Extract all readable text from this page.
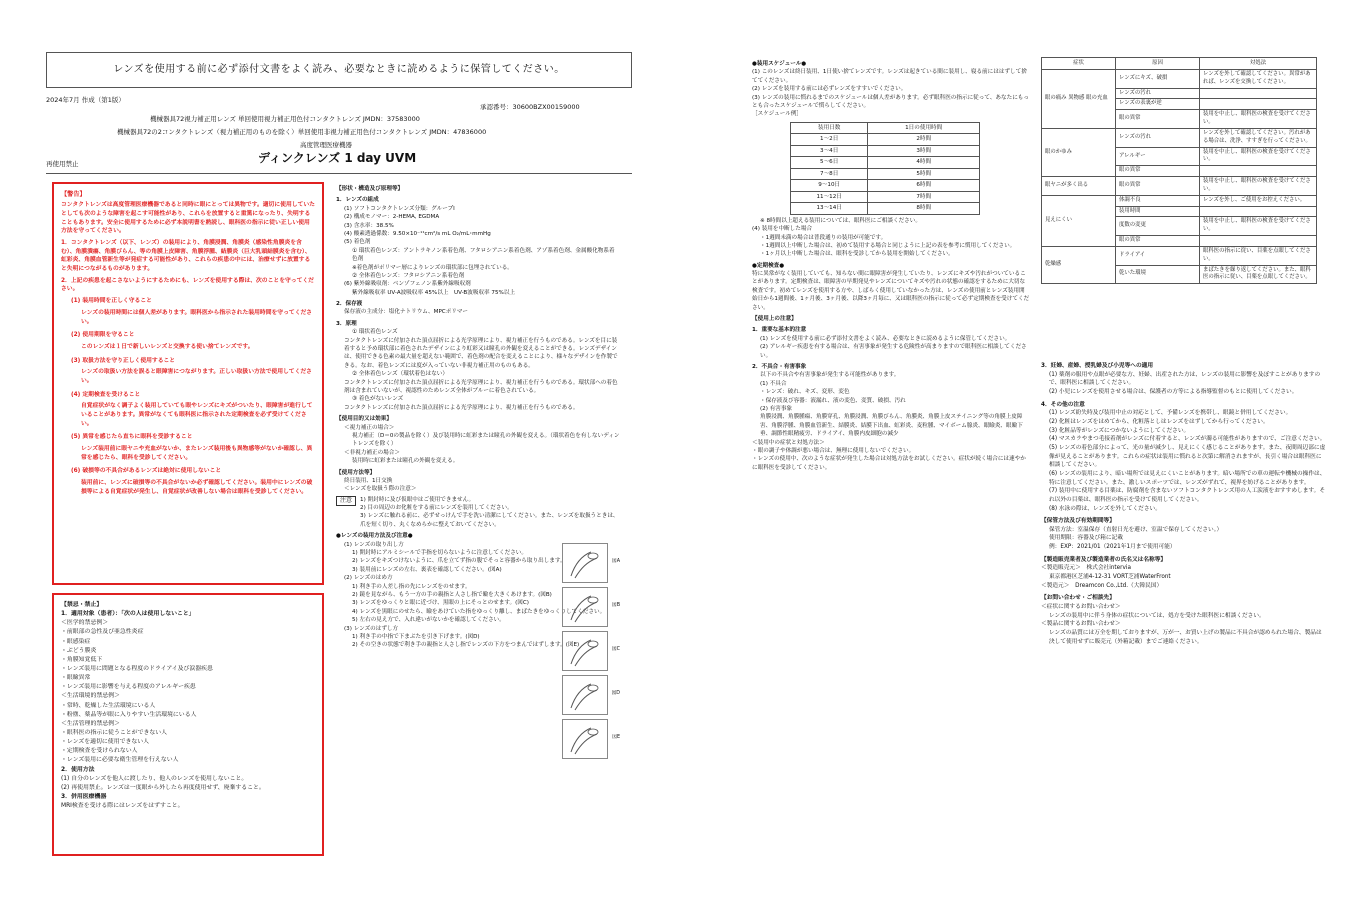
レンズを使用する前に必ず添付文書をよく読み、必要なときに読めるように保管してください。
2024年7月 作成（第1版）
承認番号：30600BZX00159000
機械器具72視力補正用レンズ 単回使用視力補正用色付コンタクトレンズ JMDN：37583000
機械器具72の2コンタクトレンズ（視力補正用のものを除く）単回使用非視力補正用色付コンタクトレンズ JMDN：47836000
高度管理医療機器
再使用禁止	ディンクレンズ 1 day UVM

【警告】

コンタクトレンズは高度管理医療機器であると同時に眼にとっては異物です。適切に使用していたとしても次のような障害を起こす可能性があり、これらを放置すると重篤になったり、失明することもあります。安全に使用するために必ず本説明書を熟読し、眼科医の指示に従い正しい使用方法を守ってください。

1．コンタクトレンズ（以下、レンズ）の装用により、角膜浸潤、角膜炎（感染性角膜炎を含む）、角膜潰瘍、角膜びらん、等の角膜上皮障害、角膜浮腫、結膜炎（巨大乳頭結膜炎を含む）、虹彩炎、角膜血管新生等が発症する可能性があり、これらの疾患の中には、治療せずに放置すると失明につながるものがあります。

2．上記の疾患を起こさないようにするためにも、レンズを使用する際は、次のことを守ってください。

(1) 装用時間を正しく守ること

レンズの装用時間には個人差があります。眼科医から指示された装用時間を守ってください。

(2) 使用期限を守ること

このレンズは１日で新しいレンズと交換する使い捨てレンズです。

(3) 取扱方法を守り正しく使用すること

レンズの取扱い方法を誤ると眼障害につながります。正しい取扱い方法で使用してください。

(4) 定期検査を受けること

自覚症状がなく調子よく装用していても眼やレンズにキズがついたり、眼障害が進行していることがあります。異常がなくても眼科医に指示された定期検査を必ず受けてください。

(5) 異常を感じたら直ちに眼科を受診すること

レンズ装用前に眼ヤニや充血がないか、またレンズ装用後も異物感等がないか確認し、異常を感じたら、眼科を受診してください。

(6) 破損等の不具合があるレンズは絶対に使用しないこと

装用前に、レンズに破損等の不具合がないか必ず確認してください。装用中にレンズの破損等による自覚症状が発生し、自覚症状が改善しない場合は眼科を受診してください。

【禁忌・禁止】

1．適用対象（患者）：「次の人は使用しないこと」

＜医学的禁忌例＞

・前眼部の急性及び亜急性炎症

・眼感染症

・ぶどう膜炎

・角膜知覚低下

・レンズ装用に問題となる程度のドライアイ及び涙器疾患

・眼瞼異常

・レンズ装用に影響を与える程度のアレルギー疾患

＜生活環境的禁忌例＞

・常時、乾燥した生活環境にいる人

・粉塵、薬品等が眼に入りやすい生活環境にいる人

＜生活管理的禁忌例＞

・眼科医の指示に従うことができない人

・レンズを適切に使用できない人

・定期検査を受けられない人

・レンズ装用に必要な衛生管理を行えない人

2．使用方法

(1) 自分のレンズを他人に渡したり、他人のレンズを使用しないこと。

(2) 再使用禁止。レンズは一度眼から外したら再度使用せず、廃棄すること。

3．併用医療機器

MRI検査を受ける際にはレンズをはずすこと。

【形状・構造及び原理等】

1．レンズの組成

(1) ソフトコンタクトレンズ分類：グループⅠ

(2) 構成モノマー：2-HEMA, EGDMA

(3) 含水率：38.5%

(4) 酸素透過係数：9.50×10⁻¹¹cm²/s mL O₂/mL･mmHg

(5) 着色剤

① 環状着色レンズ：アントラキノン系着色剤、フタロシアニン系着色剤、アゾ系着色剤、金属酸化物系着色剤

※着色剤がポリマー層によりレンズの環状部に包埋されている。

② 全体着色レンズ：フタロシアニン系着色剤

(6) 紫外線吸収剤：ベンゾフェノン系紫外線吸収剤

紫外線吸収率 UV-A波吸収率 45%以上　UV-B波吸収率 75%以上

2．保存液

保存液の主成分：塩化ナトリウム、MPCポリマー

3．原理

① 環状着色レンズ

コンタクトレンズに付加された頂点屈折による光学原理により、視力補正を行うものである。レンズを目に装着すると予め環状部に着色されたデザインにより虹彩又は瞳孔の外観を変えることができる。レンズデザインは、使用できる色素の最大量を超えない範囲で、着色剤の配合を変えることにより、様々なデザインを作製できる。なお、着色レンズには度が入っていない非視力補正用のものもある。

② 全体着色レンズ（環状着色はない）

コンタクトレンズに付加された頂点屈折による光学原理により、視力補正を行うものである。環状部への着色剤は含まれていないが、視認性のためレンズ全体がブルーに着色されている。

③ 着色がないレンズ

コンタクトレンズに付加された頂点屈折による光学原理により、視力補正を行うものである。

【使用目的又は効果】

＜視力補正の場合＞

視力補正（D＝0の製品を除く）及び装用時に虹彩または瞳孔の外観を変える。（環状着色を有しないディントレンズを除く）

＜非視力補正の場合＞

装用時に虹彩または瞳孔の外観を変える。

【使用方法等】

終日装用、1日交換

＜レンズを取扱う際の注意＞

注意	1) 開封時に及び仮眼中はご使用できません。

2) 目の周辺のお化粧をする前にレンズを装用してください。

3) レンズに触れる前に、必ずせっけんで手を洗い清潔にしてください。また、レンズを取扱うときは、爪を短く切り、丸くなめらかに整えておいてください。

●レンズの装用方法及び注意●

(1) レンズの取り出し方

1) 開封時にアルミシールで手指を切らないように注意してください。

2) レンズをキズつけないように、爪を立てず指の腹でそっと容器から取り出します。

3) 装用前にレンズの左右、裏表を確認してください。(図A)

(2) レンズのはめ方

1) 利き手の人差し指の先にレンズをのせます。

2) 鏡を見ながら、もう一方の手の親指と人さし指で瞼を大きくあけます。(図B)

3) レンズをゆっくりと眼に近づけ、黒眼の上にそっとのせます。(図C)

4) レンズを黒眼にのせたら、瞼をあけていた指をゆっくり離し、まばたきをゆっくりしてください。

5) 左右の見え方で、入れ違いがないかを確認してください。

(3) レンズのはずし方

1) 利き手の中指で下まぶたを引き下げます。(図D)

2) その空きの状態で利き手の親指と人さし指でレンズの下方をつまんではずします。(図E)

図A
図B
図C
図D
図E

●装用スケジュール●

(1) このレンズは終日装用、1日使い捨てレンズです。レンズは起きている間に装用し、寝る前にははずして捨ててください。

(2) レンズを装用する前には必ずレンズをすすいでください。

(3) レンズの装用に慣れるまでのスケジュールは個人差があります。必ず眼科医の指示に従って、あなたにもっとも合ったスケジュールで慣らしてください。

［スケジュール例］

装用日数	1日の使用時間
1～2日	2時間
3～4日	3時間
5～6日	4時間
7～8日	5時間
9～10日	6時間
11～12日	7時間
13～14日	8時間

※ 8時間以上超える装用については、眼科医にご相談ください。

(4) 装用を中断した場合

・1週間未満の場合は普段通りの装用が可能です。

・1週間以上中断した場合は、初めて装用する場合と同じように上記の表を参考に慣用してください。

・1ヶ月以上中断した場合は、眼科を受診してから装用を開始してください。

●定期検査●

特に異常がなく装用していても、知らない間に眼障害が発生していたり、レンズにキズや汚れがついていることがあります。定期検査は、眼障害の早期発見やレンズについてキズや汚れの状態の確認をするために大切な検査です。初めてレンズを使用する方や、しばらく使用していなかった方は、レンズの使用前とレンズ装用開始日から1週間後、1ヶ月後、3ヶ月後、以降3ヶ月毎に、又は眼科医の指示に従って必ず定期検査を受けてください。

【使用上の注意】

1．重要な基本的注意

(1) レンズを使用する前に必ず添付文書をよく読み、必要なときに読めるように保管してください。

(2) アレルギー疾患を有する場合は、有害事象が発生する危険性が高まりますので眼科医に相談してください。

2．不具合・有害事象

以下の不具合や有害事象が発生する可能性があります。

(1) 不具合

・レンズ：破れ、キズ、変形、変色

・保存液及び容器：液漏れ、液の変色、変質、破損、汚れ

(2) 有害事象

角膜浸潤、角膜腫瘍、角膜穿孔、角膜浸潤、角膜びらん、角膜炎、角膜上皮ステイニング等の角膜上皮障害、角膜浮腫、角膜血管新生、結膜炎、結膜下出血、虹彩炎、麦粒腫、マイボーム腺炎、眼瞼炎、眼瞼下垂、調節性眼精疲労、ドライアイ、角膜内皮細胞の減少

＜装用中の症状と対処方法＞

・眼の調子や体調が悪い場合は、無理に使用しないでください。

・レンズの使用中、次のような症状が発生した場合は対処方法をお試しください。症状が続く場合には速やかに眼科医を受診してください。

症状	原因	対処法
眼の痛み 異物感 眼の充血	レンズにキズ、破損	レンズを外して確認してください。異常があれば、レンズを交換してください。
	レンズの汚れ	
	レンズの表裏が逆	
	眼の異常	装用を中止し、眼科医の検査を受けてください。
眼のかゆみ	レンズの汚れ	レンズを外して確認してください。汚れがある場合は、洗浄、すすぎを行ってください。
	アレルギー	装用を中止し、眼科医の検査を受けてください。
	眼の異常	
眼ヤニが多く出る	眼の異常	装用を中止し、眼科医の検査を受けてください。
見えにくい	体調不良	レンズを外し、ご使用をお控えください。
	装用時間	
	度数の変更	装用を中止し、眼科医の検査を受けてください。
	眼の異常	
乾燥感	ドライアイ	眼科医の指示に従い、目薬を点眼してください。
	乾いた環境	まばたきを繰り返してください。また、眼科医の指示に従い、目薬を点眼してください。

3．妊婦、産婦、授乳婦及び小児等への適用

(1) 薬剤の服用や点眼が必要な方、妊婦、出産された方は、レンズの装用に影響を及ぼすことがありますので、眼科医に相談してください。

(2) 小児にレンズを使用させる場合は、保護者の方等による指導監督のもとに使用してください。

4．その他の注意

(1) レンズ紛失時及び装用中止の対応として、予備レンズを携帯し、眼鏡と併用してください。

(2) 化粧はレンズをはめてから、化粧落としはレンズをはずしてから行ってください。

(3) 化粧品等がレンズにつかないようにしてください。

(4) マスカラやまつ毛接着剤がレンズに付着すると、レンズが濁る可能性がありますので、ご注意ください。

(5) レンズの着色部分によって、光の量が減少し、見えにくく感じることがあります。また、夜間周辺部に虚像が見えることがあります。これらの症状は装用に慣れると次第に解消されますが、長引く場合は眼科医に相談してください。

(6) レンズの装用により、暗い場所では見えにくいことがあります。暗い場所での車の運転や機械の操作は、特に注意してください。また、激しいスポーツでは、レンズがずれて、視界を妨げることがあります。

(7) 装用中に使用する目薬は、防腐剤を含まないソフトコンタクトレンズ用の人工涙液をおすすめします。それ以外の目薬は、眼科医の指示を受けて使用してください。

(8) 水泳の際は、レンズを外してください。

【保管方法及び有効期間等】

保管方法：室温保存（直射日光を避け、室温で保存してください。）

使用期限：容器及び箱に記載

例：EXP：2021/01（2021年1月まで使用可能）

【製造販売業者及び製造業者の氏名又は名称等】

＜製造販売元＞　株式会社intervia

東京都港区芝浦4-12-31 VORT芝浦WaterFront

＜製造元＞　Dreamcon Co.,Ltd.（大韓民国）

【お問い合わせ・ご相談先】

＜症状に関するお問い合わせ＞

レンズの装用中に伴う身体の症状については、処方を受けた眼科医に相談ください。

＜製品に関するお問い合わせ＞

レンズの品質には万全を期しておりますが、万が一、お買い上げの製品に不具合が認められた場合、製品は決して使用せずに販売元（外箱記載）までご連絡ください。
